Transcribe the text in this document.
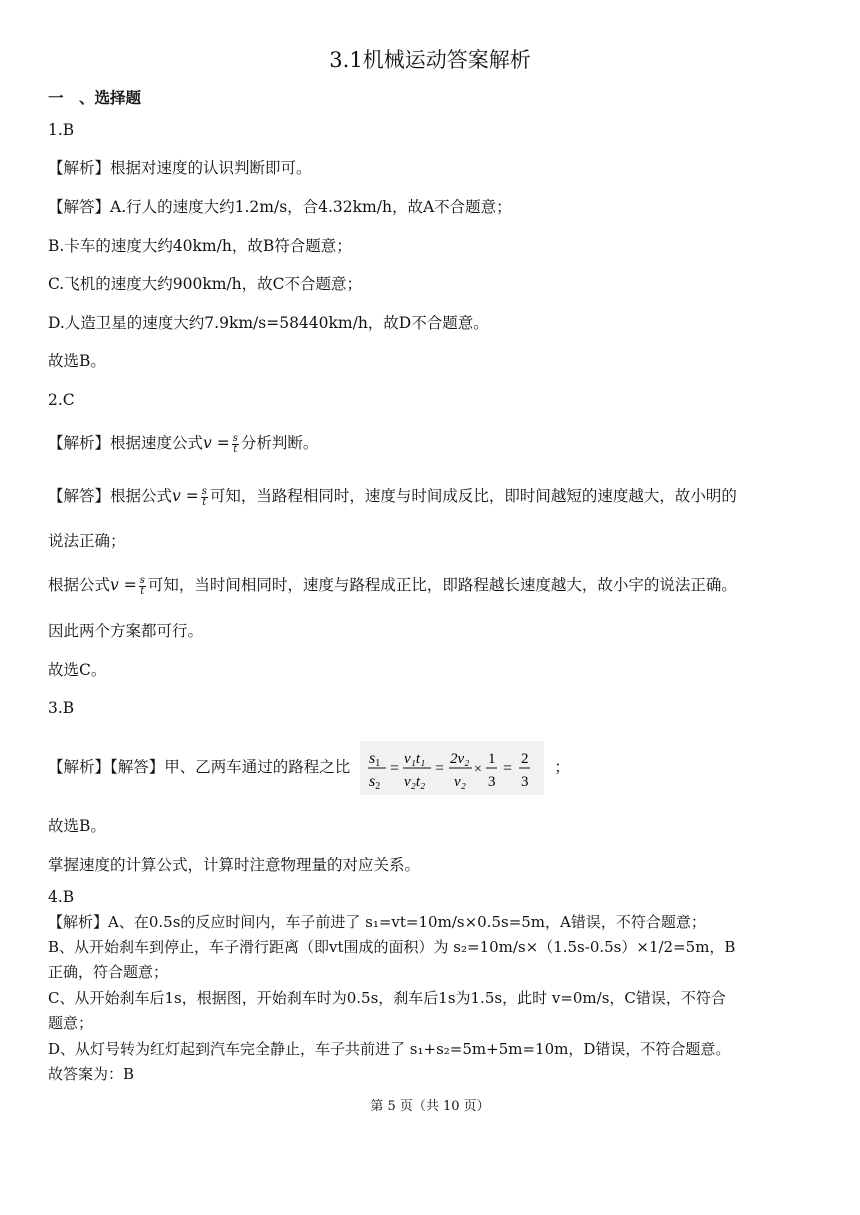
3.1机械运动答案解析
一　、选择题
1.B
【解析】根据对速度的认识判断即可。
【解答】A.行人的速度大约1.2m/s，合4.32km/h，故A不合题意；
B.卡车的速度大约40km/h，故B符合题意；
C.飞机的速度大约900km/h，故C不合题意；
D.人造卫星的速度大约7.9km/s=58440km/h，故D不合题意。
故选B。
2.C
【解析】根据速度公式$v = \frac{s}{t}$ 分析判断。
【解答】根据公式$v = \frac{s}{t}$ 可知，当路程相同时，速度与时间成反比，即时间越短的速度越大，故小明的
说法正确；
根据公式$v = \frac{s}{t}$ 可知，当时间相同时，速度与路程成正比，即路程越长速度越大，故小宇的说法正确。
因此两个方案都可行。
故选C。
3.B
【解析】【解答】甲、乙两车通过的路程之比 s1
s2
=
v₁t₁
v₂t₂
=
2v₂
v₂
×
1
3
=
2
3
；
故选B。
掌握速度的计算公式，计算时注意物理量的对应关系。
4.B
【解析】A、在0.5s的反应时间内，车子前进了 s₁=vt=10m/s×0.5s=5m，A错误，不符合题意；
B、从开始刹车到停止，车子滑行距离（即vt围成的面积）为 s₂=10m/s×（1.5s-0.5s）×1/2=5m，B
正确，符合题意；
C、从开始刹车后1s，根据图，开始刹车时为0.5s，刹车后1s为1.5s，此时 v=0m/s，C错误，不符合
题意；
D、从灯号转为红灯起到汽车完全静止，车子共前进了 s₁+s₂=5m+5m=10m，D错误，不符合题意。
故答案为：B
第 5 页（共 10 页）
